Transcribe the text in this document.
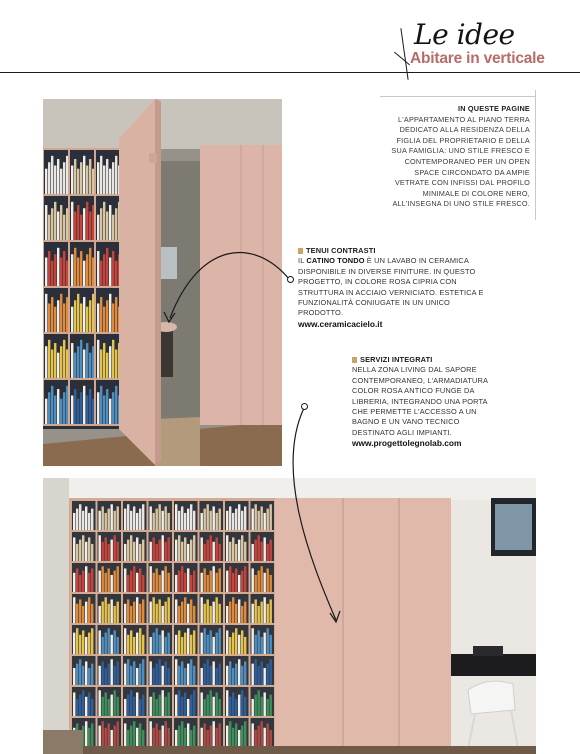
Le idee
Abitare in verticale
IN QUESTE PAGINE
L'APPARTAMENTO AL PIANO TERRA DEDICATO ALLA RESIDENZA DELLA FIGLIA DEL PROPRIETARIO E DELLA SUA FAMIGLIA: UNO STILE FRESCO E CONTEMPORANEO PER UN OPEN SPACE CIRCONDATO DA AMPIE VETRATE CON INFISSI DAL PROFILO MINIMALE DI COLORE NERO, ALL'INSEGNA DI UNO STILE FRESCO.
TENUI CONTRASTI
IL CATINO TONDO È UN LAVABO IN CERAMICA DISPONIBILE IN DIVERSE FINITURE. IN QUESTO PROGETTO, IN COLORE ROSA CIPRIA CON STRUTTURA IN ACCIAIO VERNICIATO. ESTETICA E FUNZIONALITÀ CONIUGATE IN UN UNICO PRODOTTO.
www.ceramicacielo.it
SERVIZI INTEGRATI
NELLA ZONA LIVING DAL SAPORE CONTEMPORANEO, L'ARMADIATURA COLOR ROSA ANTICO FUNGE DA LIBRERIA, INTEGRANDO UNA PORTA CHE PERMETTE L'ACCESSO A UN BAGNO E UN VANO TECNICO DESTINATO AGLI IMPIANTI.
www.progettolegnolab.com
